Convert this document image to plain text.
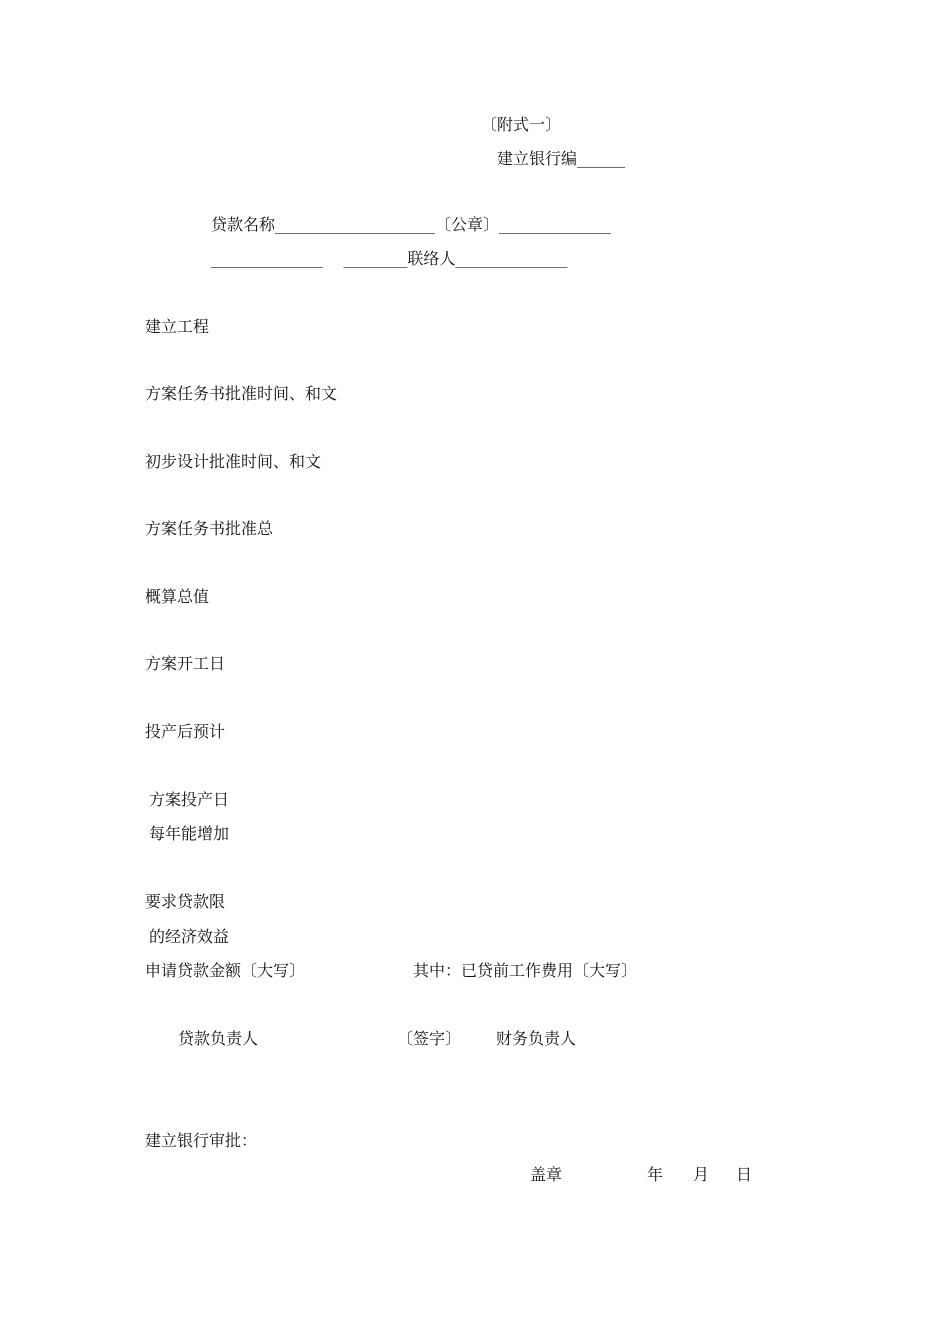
〔附式一〕
建立银行编______
贷款名称____________________〔公章〕______________
______________    ________联络人______________
建立工程
方案任务书批准时间、和文
初步设计批准时间、和文
方案任务书批准总
概算总值
方案开工日
投产后预计
方案投产日
每年能增加
要求贷款限
的经济效益
申请贷款金额〔大写〕	其中：已贷前工作费用〔大写〕
贷款负责人	〔签字〕 财务负责人
建立银行审批：
盖章	年 月 日
